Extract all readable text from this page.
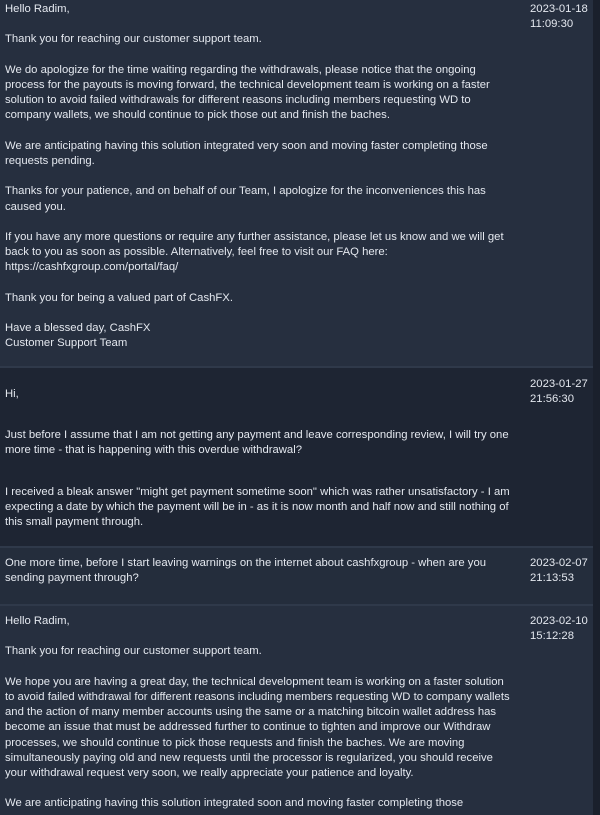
Hello Radim,

Thank you for reaching our customer support team.

We do apologize for the time waiting regarding the withdrawals, please notice that the ongoing process for the payouts is moving forward, the technical development team is working on a faster solution to avoid failed withdrawals for different reasons including members requesting WD to company wallets, we should continue to pick those out and finish the baches.

We are anticipating having this solution integrated very soon and moving faster completing those requests pending.

Thanks for your patience, and on behalf of our Team, I apologize for the inconveniences this has caused you.

If you have any more questions or require any further assistance, please let us know and we will get back to you as soon as possible. Alternatively, feel free to visit our FAQ here: https://cashfxgroup.com/portal/faq/

Thank you for being a valued part of CashFX.

Have a blessed day, CashFX Customer Support Team

2023-01-18 11:09:30

Hi,

Just before I assume that I am not getting any payment and leave corresponding review, I will try one more time - that is happening with this overdue withdrawal?

I received a bleak answer "might get payment sometime soon" which was rather unsatisfactory - I am expecting a date by which the payment will be in - as it is now month and half now and still nothing of this small payment through.

2023-01-27 21:56:30

One more time, before I start leaving warnings on the internet about cashfxgroup - when are you sending payment through?

2023-02-07 21:13:53

Hello Radim,

Thank you for reaching our customer support team.

We hope you are having a great day, the technical development team is working on a faster solution to avoid failed withdrawal for different reasons including members requesting WD to company wallets and the action of many member accounts using the same or a matching bitcoin wallet address has become an issue that must be addressed further to continue to tighten and improve our Withdraw processes, we should continue to pick those requests and finish the baches. We are moving simultaneously paying old and new requests until the processor is regularized, you should receive your withdrawal request very soon, we really appreciate your patience and loyalty.

We are anticipating having this solution integrated soon and moving faster completing those

2023-02-10 15:12:28
